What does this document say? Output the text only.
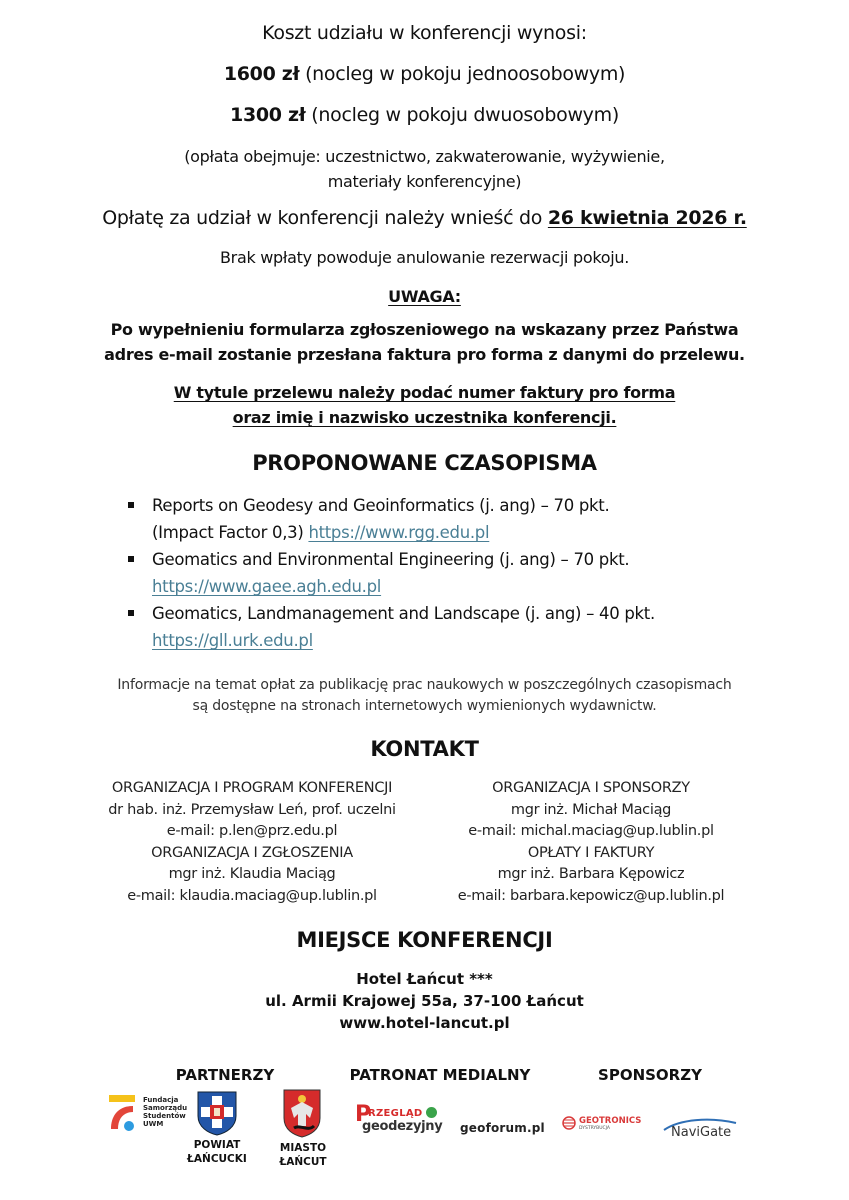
Koszt udziału w konferencji wynosi:
1600 zł (nocleg w pokoju jednoosobowym)
1300 zł (nocleg w pokoju dwuosobowym)
(opłata obejmuje: uczestnictwo, zakwaterowanie, wyżywienie,
materiały konferencyjne)
Opłatę za udział w konferencji należy wnieść do 26 kwietnia 2026 r.
Brak wpłaty powoduje anulowanie rezerwacji pokoju.
UWAGA:
Po wypełnieniu formularza zgłoszeniowego na wskazany przez Państwa
adres e-mail zostanie przesłana faktura pro forma z danymi do przelewu.
W tytule przelewu należy podać numer faktury pro forma
oraz imię i nazwisko uczestnika konferencji.
PROPONOWANE CZASOPISMA
Reports on Geodesy and Geoinformatics (j. ang) – 70 pkt.
(Impact Factor 0,3) https://www.rgg.edu.pl
Geomatics and Environmental Engineering (j. ang) – 70 pkt.
https://www.gaee.agh.edu.pl
Geomatics, Landmanagement and Landscape (j. ang) – 40 pkt.
https://gll.urk.edu.pl
Informacje na temat opłat za publikację prac naukowych w poszczególnych czasopismach
są dostępne na stronach internetowych wymienionych wydawnictw.
KONTAKT
ORGANIZACJA I PROGRAM KONFERENCJI
dr hab. inż. Przemysław Leń, prof. uczelni
e-mail: p.len@prz.edu.pl
ORGANIZACJA I ZGŁOSZENIA
mgr inż. Klaudia Maciąg
e-mail: klaudia.maciag@up.lublin.pl
ORGANIZACJA I SPONSORZY
mgr inż. Michał Maciąg
e-mail: michal.maciag@up.lublin.pl
OPŁATY I FAKTURY
mgr inż. Barbara Kępowicz
e-mail: barbara.kepowicz@up.lublin.pl
MIEJSCE KONFERENCJI
Hotel Łańcut ***
ul. Armii Krajowej 55a, 37-100 Łańcut
www.hotel-lancut.pl
PARTNERZY	PATRONAT MEDIALNY	SPONSORZY
Fundacja
Samorządu
Studentów
UWM
POWIAT
ŁAŃCUCKI
MIASTO
ŁAŃCUT
P
RZEGLĄD
geodezyjny geoforum.pl	GEOTRONICS
DYSTRYBUCJA	NaviGate
